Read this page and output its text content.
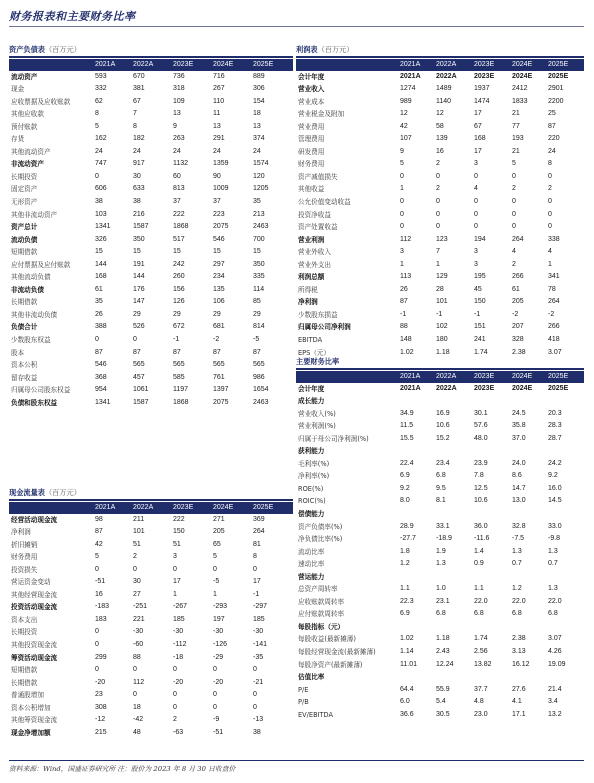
财务报表和主要财务比率
资产负债表（百万元）
	2021A	2022A	2023E	2024E	2025E
流动资产	593	670	736	716	889
现金	332	381	318	267	306
应收票据及应收账款	62	67	109	110	154
其他应收款	8	7	13	11	18
预付账款	5	8	9	13	13
存货	162	182	263	291	374
其他流动资产	24	24	24	24	24
非流动资产	747	917	1132	1359	1574
长期投资	0	30	60	90	120
固定资产	606	633	813	1009	1205
无形资产	38	38	37	37	35
其他非流动资产	103	216	222	223	213
资产总计	1341	1587	1868	2075	2463
流动负债	326	350	517	546	700
短期借款	15	15	15	15	15
应付票据及应付账款	144	191	242	297	350
其他流动负债	168	144	260	234	335
非流动负债	61	176	156	135	114
长期借款	35	147	126	106	85
其他非流动负债	26	29	29	29	29
负债合计	388	526	672	681	814
少数股东权益	0	0	-1	-2	-5
股本	87	87	87	87	87
资本公积	546	565	565	565	565
留存收益	368	457	585	761	986
归属母公司股东权益	954	1061	1197	1397	1654
负债和股东权益	1341	1587	1868	2075	2463
利润表（百万元）
	2021A	2022A	2023E	2024E	2025E
会计年度	2021A	2022A	2023E	2024E	2025E
营业收入	1274	1489	1937	2412	2901
营业成本	989	1140	1474	1833	2200
营业税金及附加	12	12	17	21	25
营业费用	42	58	67	77	87
管理费用	107	139	168	193	220
研发费用	9	16	17	21	24
财务费用	5	2	3	5	8
资产减值损失	0	0	0	0	0
其他收益	1	2	4	2	2
公允价值变动收益	0	0	0	0	0
投资净收益	0	0	0	0	0
资产处置收益	0	0	0	0	0
营业利润	112	123	194	264	338
营业外收入	3	7	3	4	4
营业外支出	1	1	3	2	1
利润总额	113	129	195	266	341
所得税	26	28	45	61	78
净利润	87	101	150	205	264
少数股东损益	-1	-1	-1	-2	-2
归属母公司净利润	88	102	151	207	266
EBITDA	148	180	241	328	418
EPS（元）	1.02	1.18	1.74	2.38	3.07
主要财务比率
	2021A	2022A	2023E	2024E	2025E
会计年度	2021A	2022A	2023E	2024E	2025E
成长能力					
营业收入(%)	34.9	16.9	30.1	24.5	20.3
营业利润(%)	11.5	10.6	57.6	35.8	28.3
归属于母公司净利润(%)	15.5	15.2	48.0	37.0	28.7
获利能力					
毛利率(%)	22.4	23.4	23.9	24.0	24.2
净利率(%)	6.9	6.8	7.8	8.6	9.2
ROE(%)	9.2	9.5	12.5	14.7	16.0
ROIC(%)	8.0	8.1	10.6	13.0	14.5
偿债能力					
资产负债率(%)	28.9	33.1	36.0	32.8	33.0
净负债比率(%)	-27.7	-18.9	-11.6	-7.5	-9.8
流动比率	1.8	1.9	1.4	1.3	1.3
速动比率	1.2	1.3	0.9	0.7	0.7
营运能力					
总资产周转率	1.1	1.0	1.1	1.2	1.3
应收账款周转率	22.3	23.1	22.0	22.0	22.0
应付账款周转率	6.9	6.8	6.8	6.8	6.8
每股指标（元）					
每股收益(最新摊薄)	1.02	1.18	1.74	2.38	3.07
每股经营现金流(最新摊薄)	1.14	2.43	2.56	3.13	4.26
每股净资产(最新摊薄)	11.01	12.24	13.82	16.12	19.09
估值比率					
P/E	64.4	55.9	37.7	27.6	21.4
P/B	6.0	5.4	4.8	4.1	3.4
EV/EBITDA	36.6	30.5	23.0	17.1	13.2
现金流量表（百万元）
	2021A	2022A	2023E	2024E	2025E
经营活动现金流	98	211	222	271	369
净利润	87	101	150	205	264
折旧摊销	42	51	51	65	81
财务费用	5	2	3	5	8
投资损失	0	0	0	0	0
营运资金变动	-51	30	17	-5	17
其他经营现金流	16	27	1	1	-1
投资活动现金流	-183	-251	-267	-293	-297
资本支出	183	221	185	197	185
长期投资	0	-30	-30	-30	-30
其他投资现金流	0	-60	-112	-126	-141
筹资活动现金流	299	88	-18	-29	-35
短期借款	0	0	0	0	0
长期借款	-20	112	-20	-20	-21
普通股增加	23	0	0	0	0
资本公积增加	308	18	0	0	0
其他筹资现金流	-12	-42	2	-9	-13
现金净增加额	215	48	-63	-51	38
资料来源：Wind，国盛证券研究所 注：股价为 2023 年 8 月 30 日收盘价
